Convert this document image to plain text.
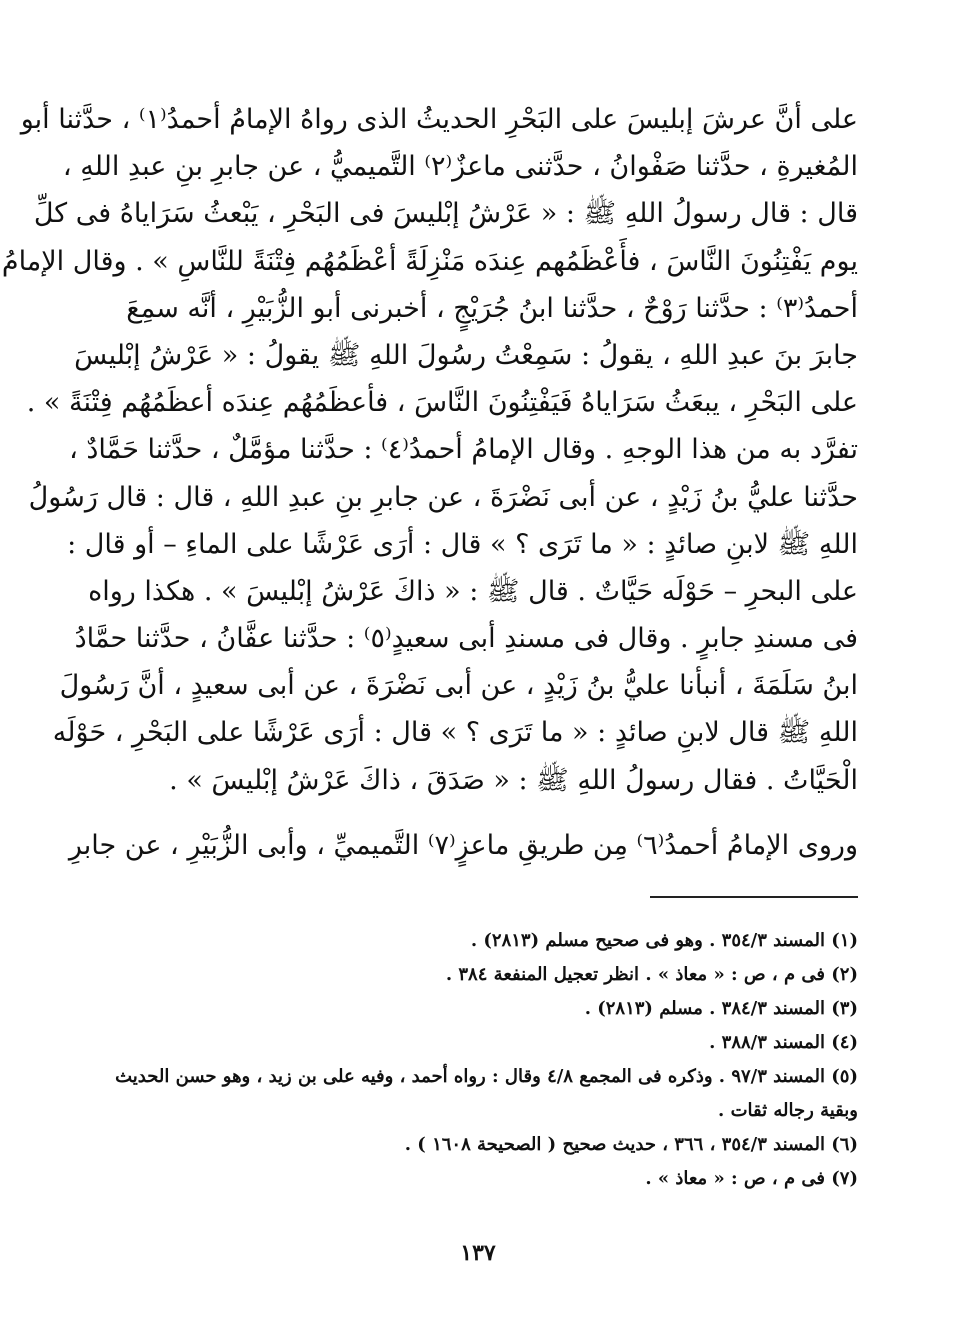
على أنَّ عرشَ إبليسَ على البَحْرِ الحديثُ الذى رواهُ الإمامُ أحمدُ⁽١⁾ ، حدَّثنا أبو
المُغيرةِ ، حدَّثنا صَفْوانُ ، حدَّثنى ماعزٌ⁽٢⁾ التَّميميُّ ، عن جابرِ بنِ عبدِ اللهِ ،
قال : قال رسولُ اللهِ ﷺ : « عَرْشُ إبْليسَ فى البَحْرِ ، يَبْعثُ سَرَاياهُ فى كلِّ
يوم يَفْتِنُونَ النَّاسَ ، فأَعْظَمُهم عِندَه مَنْزِلَةً أعْظَمُهُم فِتْنَةً للنَّاسِ » . وقال الإمامُ
أحمدُ⁽٣⁾ : حدَّثنا رَوْحٌ ، حدَّثنا ابنُ جُرَيْجٍ ، أخبرنى أبو الزُّبَيْرِ ، أنَّه سمِعَ
جابرَ بنَ عبدِ اللهِ ، يقولُ : سَمِعْتُ رسُولَ اللهِ ﷺ يقولُ : « عَرْشُ إبْليسَ
على البَحْرِ ، يبعَثُ سَرَاياهُ فَيَفْتِنُونَ النَّاسَ ، فأعظَمُهُم عِندَه أعظَمُهُم فِتْنَةً » .
تفرَّد به من هذا الوجهِ . وقال الإمامُ أحمدُ⁽٤⁾ : حدَّثنا مؤمَّلٌ ، حدَّثنا حَمَّادٌ ،
حدَّثنا عليُّ بنُ زَيْدٍ ، عن أبى نَضْرَةَ ، عن جابرِ بنِ عبدِ اللهِ ، قال : قال رَسُولُ
اللهِ ﷺ لابنِ صائدٍ : « ما تَرَى ؟ » قال : أرَى عَرْشًا على الماءِ – أو قال :
على البحرِ – حَوْلَه حَيَّاتٌ . قال ﷺ : « ذاكَ عَرْشُ إبْليسَ » . هكذا رواه
فى مسندِ جابرٍ . وقال فى مسندِ أبى سعيدٍ⁽٥⁾ : حدَّثنا عفَّانُ ، حدَّثنا حمَّادُ
ابنُ سَلَمَةَ ، أنبأنا عليُّ بنُ زَيْدٍ ، عن أبى نَضْرَةَ ، عن أبى سعيدٍ ، أنَّ رَسُولَ
اللهِ ﷺ قال لابنِ صائدٍ : « ما تَرَى ؟ » قال : أرَى عَرْشًا على البَحْرِ ، حَوْلَه
الْحَيَّاتُ . فقال رسولُ اللهِ ﷺ : « صَدَقَ ، ذاكَ عَرْشُ إبْليسَ » .
وروى الإمامُ أحمدُ⁽٦⁾ مِن طريقِ ماعزٍ⁽٧⁾ التَّميميِّ ، وأبى الزُّبَيْرِ ، عن جابرِ
(١) المسند ٣٥٤/٣ . وهو فى صحيح مسلم (٢٨١٣) .
(٢) فى م ، ص : « معاذ » . انظر تعجيل المنفعة ٣٨٤ .
(٣) المسند ٣٨٤/٣ . مسلم (٢٨١٣) .
(٤) المسند ٣٨٨/٣ .
(٥) المسند ٩٧/٣ . وذكره فى المجمع ٤/٨ وقال : رواه أحمد ، وفيه على بن زيد ، وهو حسن الحديث
وبقية رجاله ثقات .
(٦) المسند ٣٥٤/٣ ، ٣٦٦ ، حديث صحيح ( الصحيحة ١٦٠٨ ) .
(٧) فى م ، ص : « معاذ » .
١٣٧
